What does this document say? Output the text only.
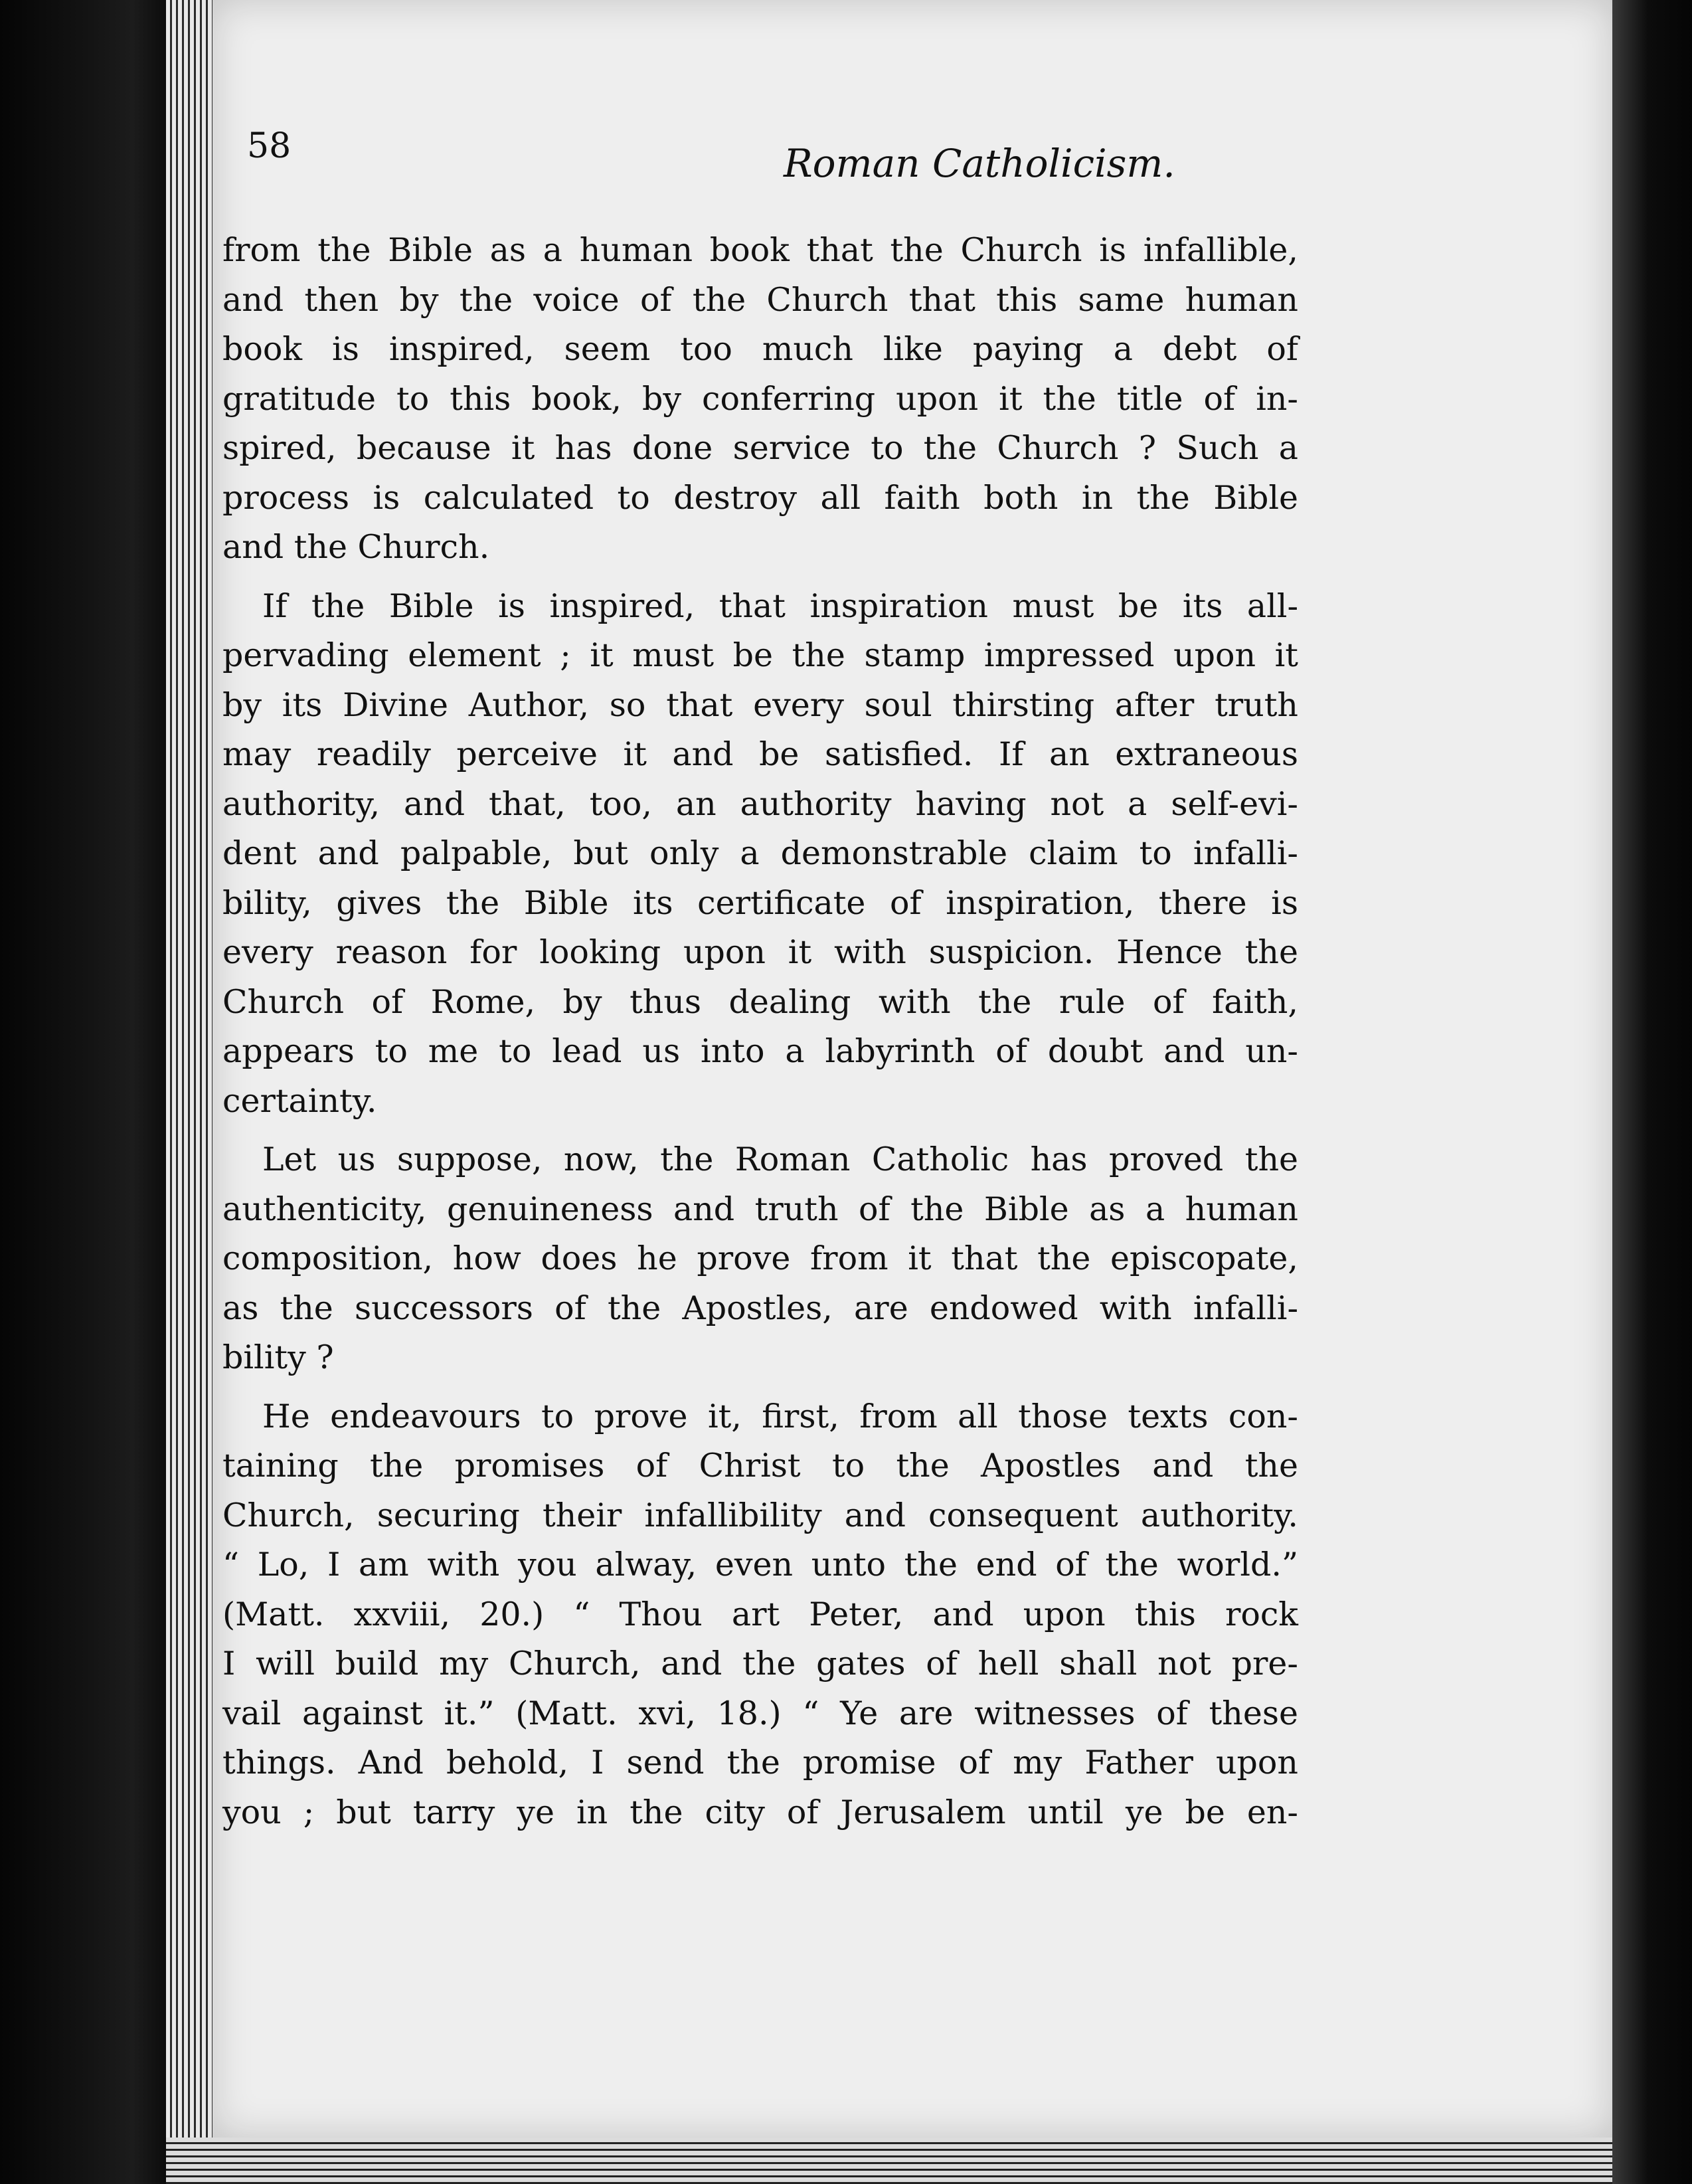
58	Roman Catholicism.
from the Bible as a human book that the Church is infallible,
and then by the voice of the Church that this same human
book is inspired, seem too much like paying a debt of
gratitude to this book, by conferring upon it the title of in-
spired, because it has done service to the Church ? Such a
process is calculated to destroy all faith both in the Bible
and the Church.
If the Bible is inspired, that inspiration must be its all-
pervading element ; it must be the stamp impressed upon it
by its Divine Author, so that every soul thirsting after truth
may readily perceive it and be satisfied. If an extraneous
authority, and that, too, an authority having not a self-evi-
dent and palpable, but only a demonstrable claim to infalli-
bility, gives the Bible its certificate of inspiration, there is
every reason for looking upon it with suspicion. Hence the
Church of Rome, by thus dealing with the rule of faith,
appears to me to lead us into a labyrinth of doubt and un-
certainty.
Let us suppose, now, the Roman Catholic has proved the
authenticity, genuineness and truth of the Bible as a human
composition, how does he prove from it that the episcopate,
as the successors of the Apostles, are endowed with infalli-
bility ?
He endeavours to prove it, first, from all those texts con-
taining the promises of Christ to the Apostles and the
Church, securing their infallibility and consequent authority.
“ Lo, I am with you alway, even unto the end of the world.”
(Matt. xxviii, 20.) “ Thou art Peter, and upon this rock
I will build my Church, and the gates of hell shall not pre-
vail against it.” (Matt. xvi, 18.) “ Ye are witnesses of these
things. And behold, I send the promise of my Father upon
you ; but tarry ye in the city of Jerusalem until ye be en-
